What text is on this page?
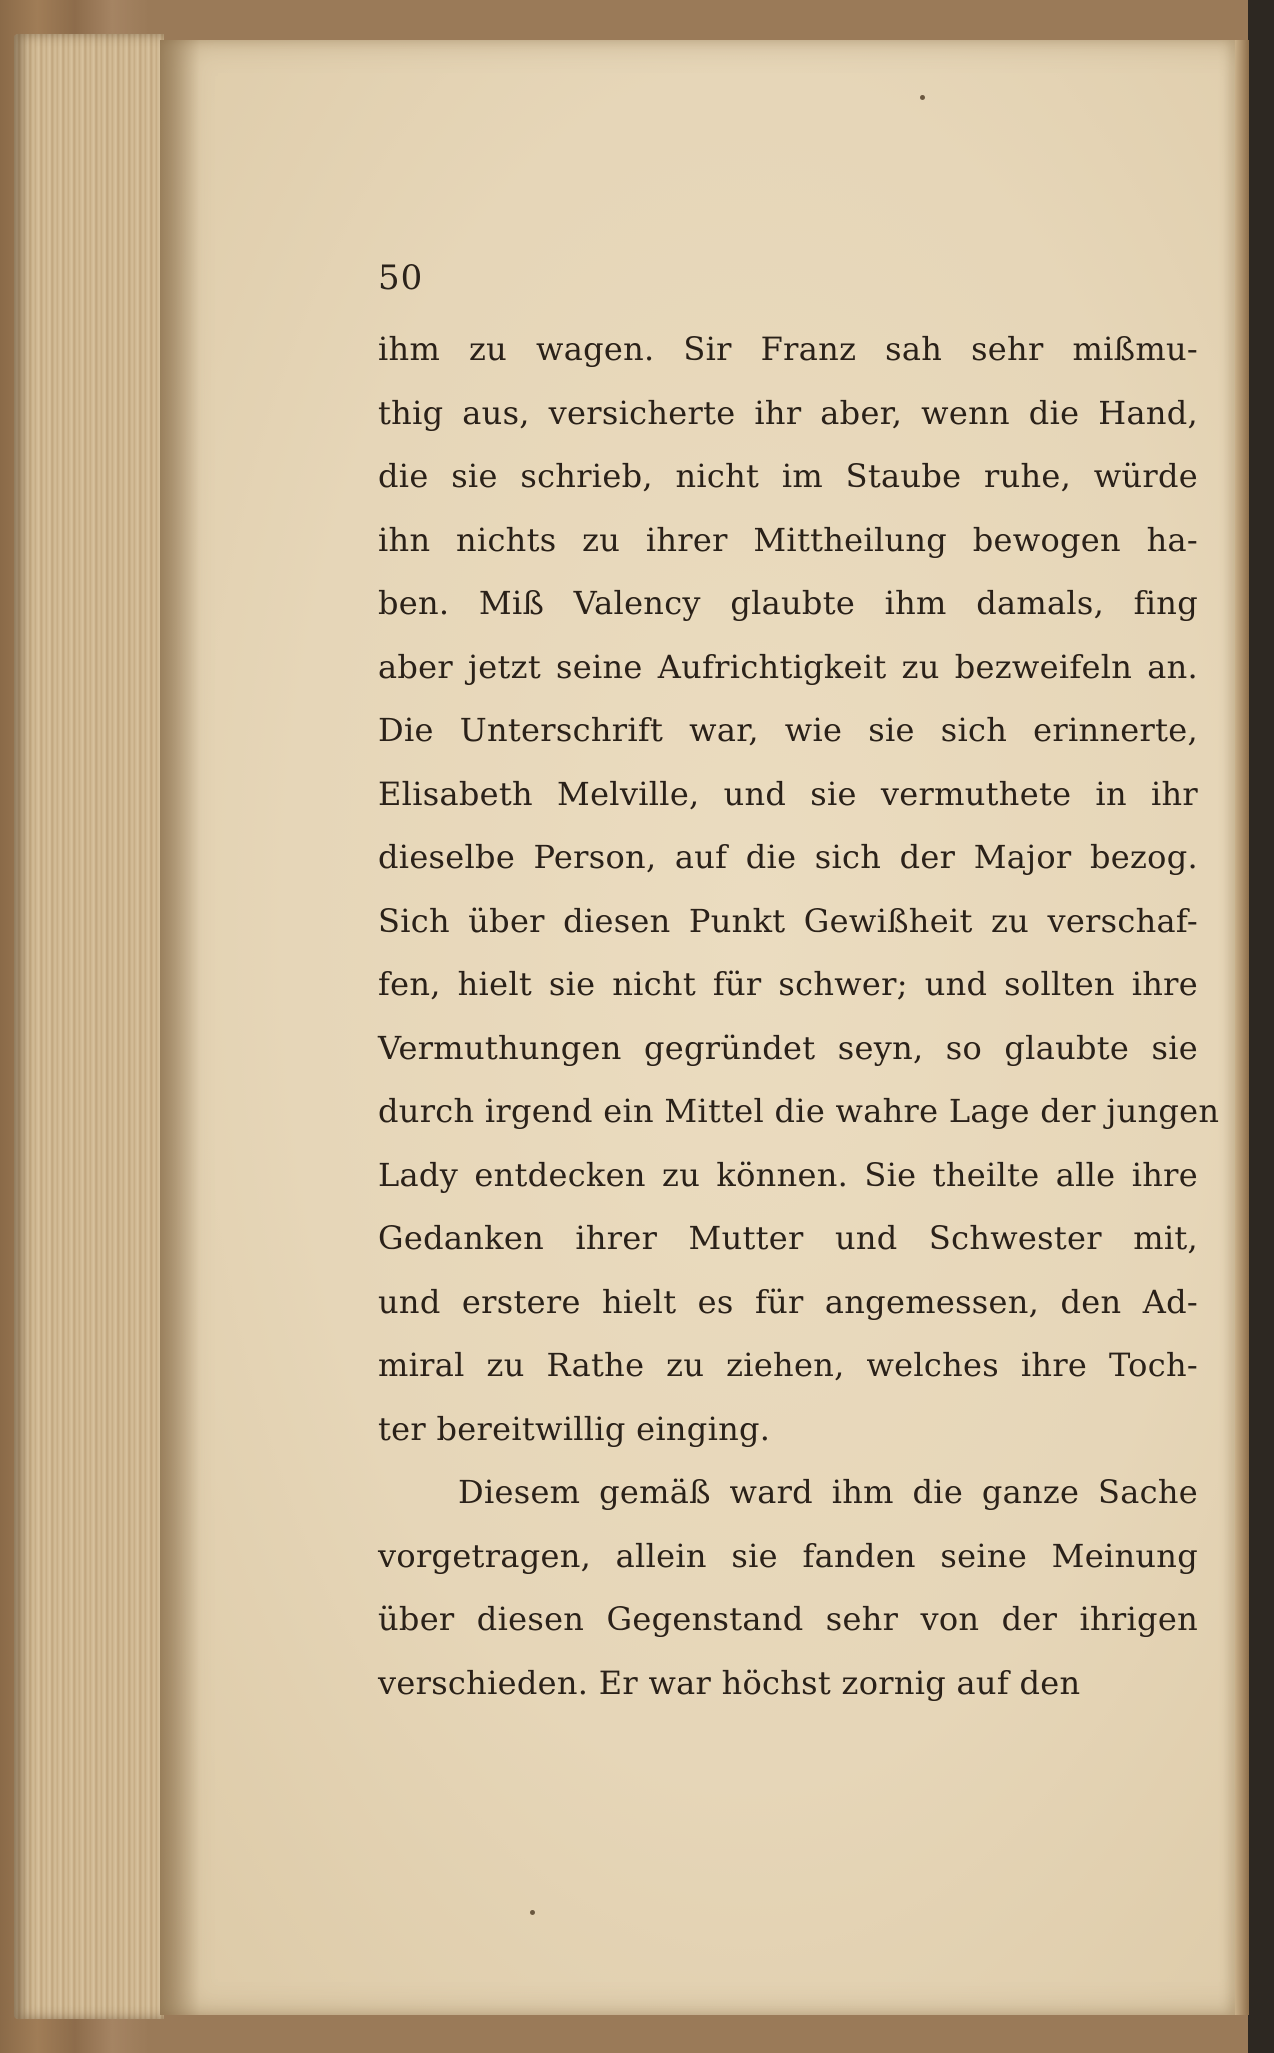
50
ihm zu wagen. Sir Franz sah sehr mißmu-
thig aus, versicherte ihr aber, wenn die Hand,
die sie schrieb, nicht im Staube ruhe, würde
ihn nichts zu ihrer Mittheilung bewogen ha-
ben. Miß Valency glaubte ihm damals, fing
aber jetzt seine Aufrichtigkeit zu bezweifeln an.
Die Unterschrift war, wie sie sich erinnerte,
Elisabeth Melville, und sie vermuthete in ihr
dieselbe Person, auf die sich der Major bezog.
Sich über diesen Punkt Gewißheit zu verschaf-
fen, hielt sie nicht für schwer; und sollten ihre
Vermuthungen gegründet seyn, so glaubte sie
durch irgend ein Mittel die wahre Lage der jungen
Lady entdecken zu können. Sie theilte alle ihre
Gedanken ihrer Mutter und Schwester mit,
und erstere hielt es für angemessen, den Ad-
miral zu Rathe zu ziehen, welches ihre Toch-
ter bereitwillig einging.
Diesem gemäß ward ihm die ganze Sache
vorgetragen, allein sie fanden seine Meinung
über diesen Gegenstand sehr von der ihrigen
verschieden. Er war höchst zornig auf den
